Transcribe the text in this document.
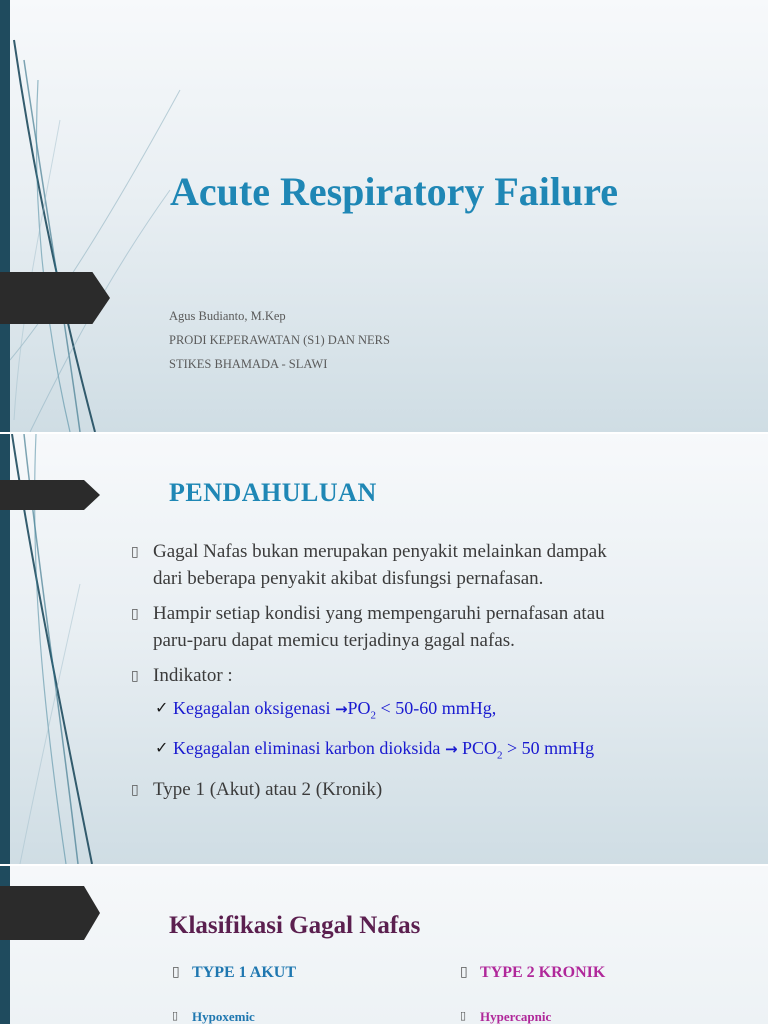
Acute Respiratory Failure
Agus Budianto, M.Kep
PRODI KEPERAWATAN (S1) DAN NERS
STIKES BHAMADA - SLAWI
PENDAHULUAN
▯ Gagal Nafas bukan merupakan penyakit melainkan dampak
dari beberapa penyakit akibat disfungsi pernafasan.
▯ Hampir setiap kondisi yang mempengaruhi pernafasan atau
paru-paru dapat memicu terjadinya gagal nafas.
▯ Indikator :
✓ Kegagalan oksigenasi $\to PO_2 < 50-60$ mmHg,
✓ Kegagalan eliminasi karbon dioksida → $PCO_2 > 50$ mmHg
▯ Type 1 (Akut) atau 2 (Kronik)
Klasifikasi Gagal Nafas
▯ TYPE 1 AKUT
▯ Hypoxemic
▯ TYPE 2 KRONIK
▯ Hypercapnic
